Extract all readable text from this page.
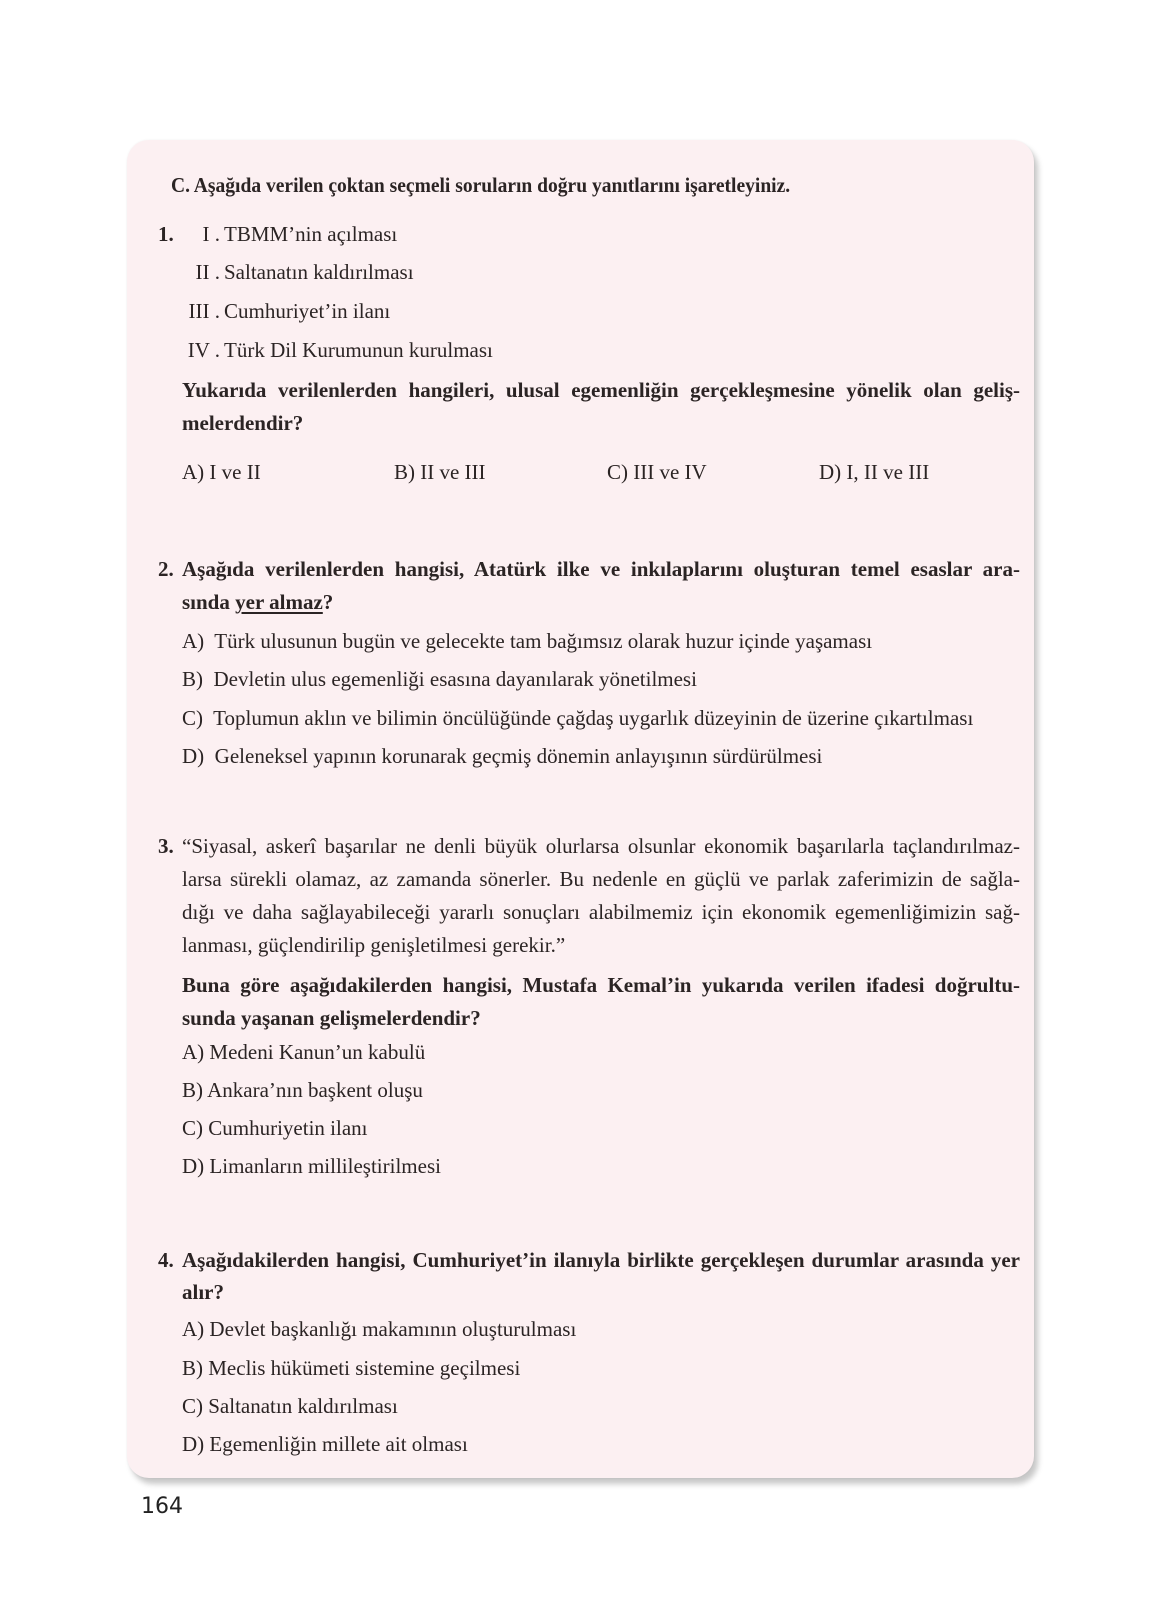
C. Aşağıda verilen çoktan seçmeli soruların doğru yanıtlarını işaretleyiniz.
1.	I . TBMM’nin açılması
II . Saltanatın kaldırılması
III . Cumhuriyet’in ilanı
IV . Türk Dil Kurumunun kurulması
Yukarıda verilenlerden hangileri, ulusal egemenliğin gerçekleşmesine yönelik olan geliş-
melerdendir?
A) I ve II	B) II ve III	C) III ve IV	D) I, II ve III
2. Aşağıda verilenlerden hangisi, Atatürk ilke ve inkılaplarını oluşturan temel esaslar ara-
sında yer almaz?
A) Türk ulusunun bugün ve gelecekte tam bağımsız olarak huzur içinde yaşaması
B) Devletin ulus egemenliği esasına dayanılarak yönetilmesi
C) Toplumun aklın ve bilimin öncülüğünde çağdaş uygarlık düzeyinin de üzerine çıkartılması
D) Geleneksel yapının korunarak geçmiş dönemin anlayışının sürdürülmesi
3. “Siyasal, askerî başarılar ne denli büyük olurlarsa olsunlar ekonomik başarılarla taçlandırılmaz-
larsa sürekli olamaz, az zamanda sönerler. Bu nedenle en güçlü ve parlak zaferimizin de sağla-
dığı ve daha sağlayabileceği yararlı sonuçları alabilmemiz için ekonomik egemenliğimizin sağ-
lanması, güçlendirilip genişletilmesi gerekir.”
Buna göre aşağıdakilerden hangisi, Mustafa Kemal’in yukarıda verilen ifadesi doğrultu-
sunda yaşanan gelişmelerdendir?
A) Medeni Kanun’un kabulü
B) Ankara’nın başkent oluşu
C) Cumhuriyetin ilanı
D) Limanların millileştirilmesi
4. Aşağıdakilerden hangisi, Cumhuriyet’in ilanıyla birlikte gerçekleşen durumlar arasında yer
alır?
A) Devlet başkanlığı makamının oluşturulması
B) Meclis hükümeti sistemine geçilmesi
C) Saltanatın kaldırılması
D) Egemenliğin millete ait olması
164
